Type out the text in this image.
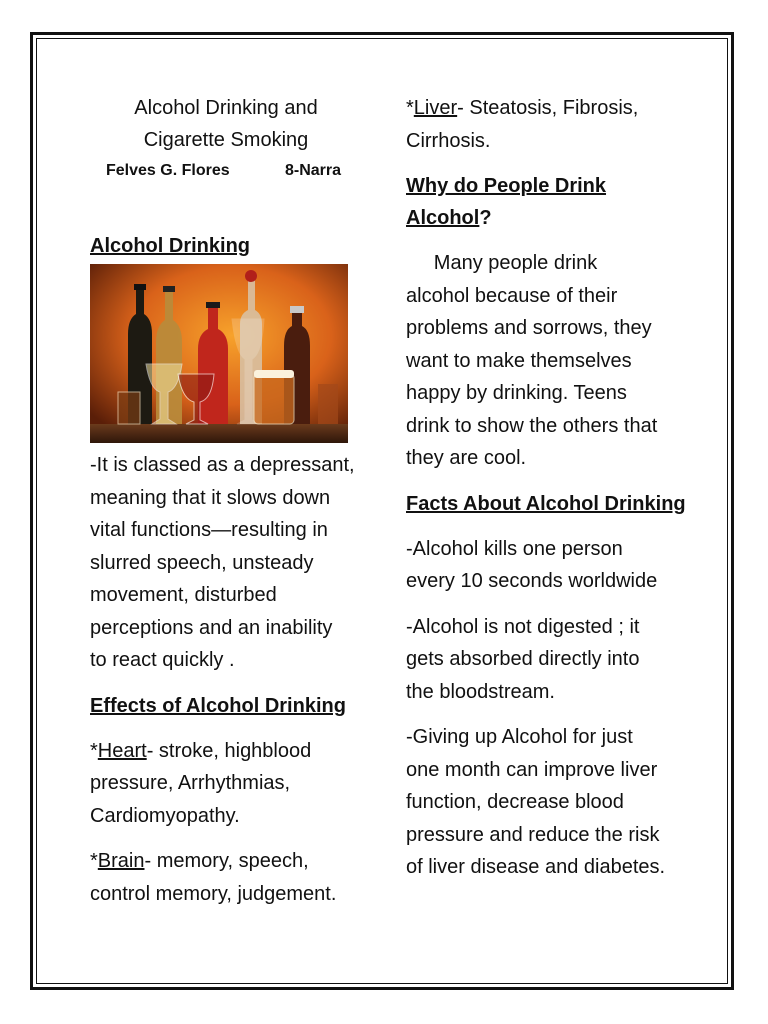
Alcohol Drinking and
Cigarette Smoking
Felves G. Flores	8-Narra

Alcohol Drinking

-It is classed as a depressant,

meaning that it slows down

vital functions—resulting in

slurred speech, unsteady

movement, disturbed

perceptions and an inability

to react quickly .

Effects of Alcohol Drinking

*Heart- stroke, highblood

pressure, Arrhythmias,

Cardiomyopathy.

*Brain- memory, speech,

control memory, judgement.

*Liver- Steatosis, Fibrosis,

Cirrhosis.

Why do People Drink

Alcohol?

Many people drink

alcohol because of their

problems and sorrows, they

want to make themselves

happy by drinking. Teens

drink to show the others that

they are cool.

Facts About Alcohol Drinking

-Alcohol kills one person

every 10 seconds worldwide

-Alcohol is not digested ; it

gets absorbed directly into

the bloodstream.

-Giving up Alcohol for just

one month can improve liver

function, decrease blood

pressure and reduce the risk

of liver disease and diabetes.
